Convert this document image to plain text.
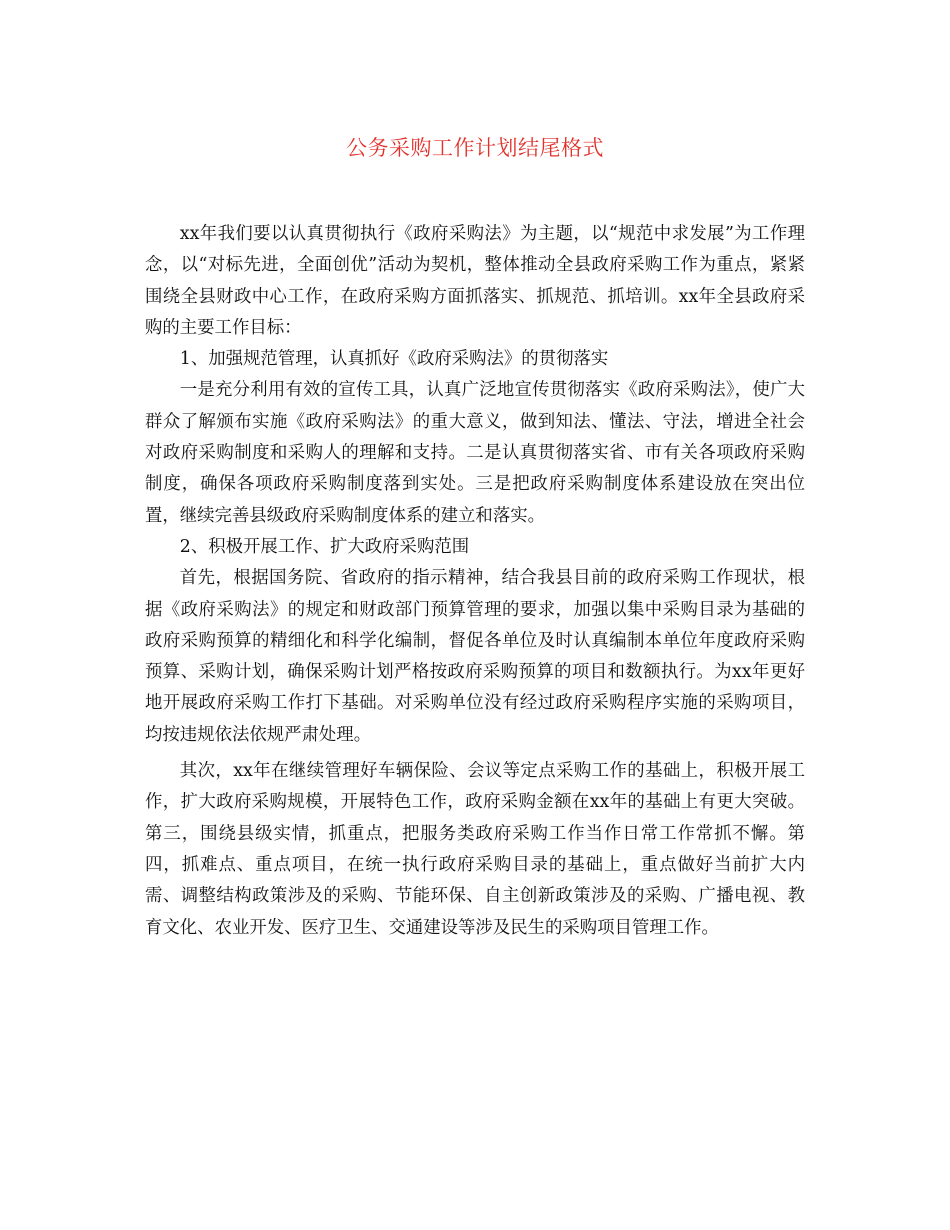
公务采购工作计划结尾格式

xx年我们要以认真贯彻执行《政府采购法》为主题，以“规范中求发展”为工作理念，以“对标先进，全面创优”活动为契机，整体推动全县政府采购工作为重点，紧紧围绕全县财政中心工作，在政府采购方面抓落实、抓规范、抓培训。xx年全县政府采购的主要工作目标：

1、加强规范管理，认真抓好《政府采购法》的贯彻落实

一是充分利用有效的宣传工具，认真广泛地宣传贯彻落实《政府采购法》，使广大群众了解颁布实施《政府采购法》的重大意义，做到知法、懂法、守法，增进全社会对政府采购制度和采购人的理解和支持。二是认真贯彻落实省、市有关各项政府采购制度，确保各项政府采购制度落到实处。三是把政府采购制度体系建设放在突出位置，继续完善县级政府采购制度体系的建立和落实。

2、积极开展工作、扩大政府采购范围

首先，根据国务院、省政府的指示精神，结合我县目前的政府采购工作现状，根据《政府采购法》的规定和财政部门预算管理的要求，加强以集中采购目录为基础的政府采购预算的精细化和科学化编制，督促各单位及时认真编制本单位年度政府采购预算、采购计划，确保采购计划严格按政府采购预算的项目和数额执行。为xx年更好地开展政府采购工作打下基础。对采购单位没有经过政府采购程序实施的采购项目，均按违规依法依规严肃处理。

其次，xx年在继续管理好车辆保险、会议等定点采购工作的基础上，积极开展工作，扩大政府采购规模，开展特色工作，政府采购金额在xx年的基础上有更大突破。第三，围绕县级实情，抓重点，把服务类政府采购工作当作日常工作常抓不懈。第四，抓难点、重点项目，在统一执行政府采购目录的基础上，重点做好当前扩大内需、调整结构政策涉及的采购、节能环保、自主创新政策涉及的采购、广播电视、教育文化、农业开发、医疗卫生、交通建设等涉及民生的采购项目管理工作。
